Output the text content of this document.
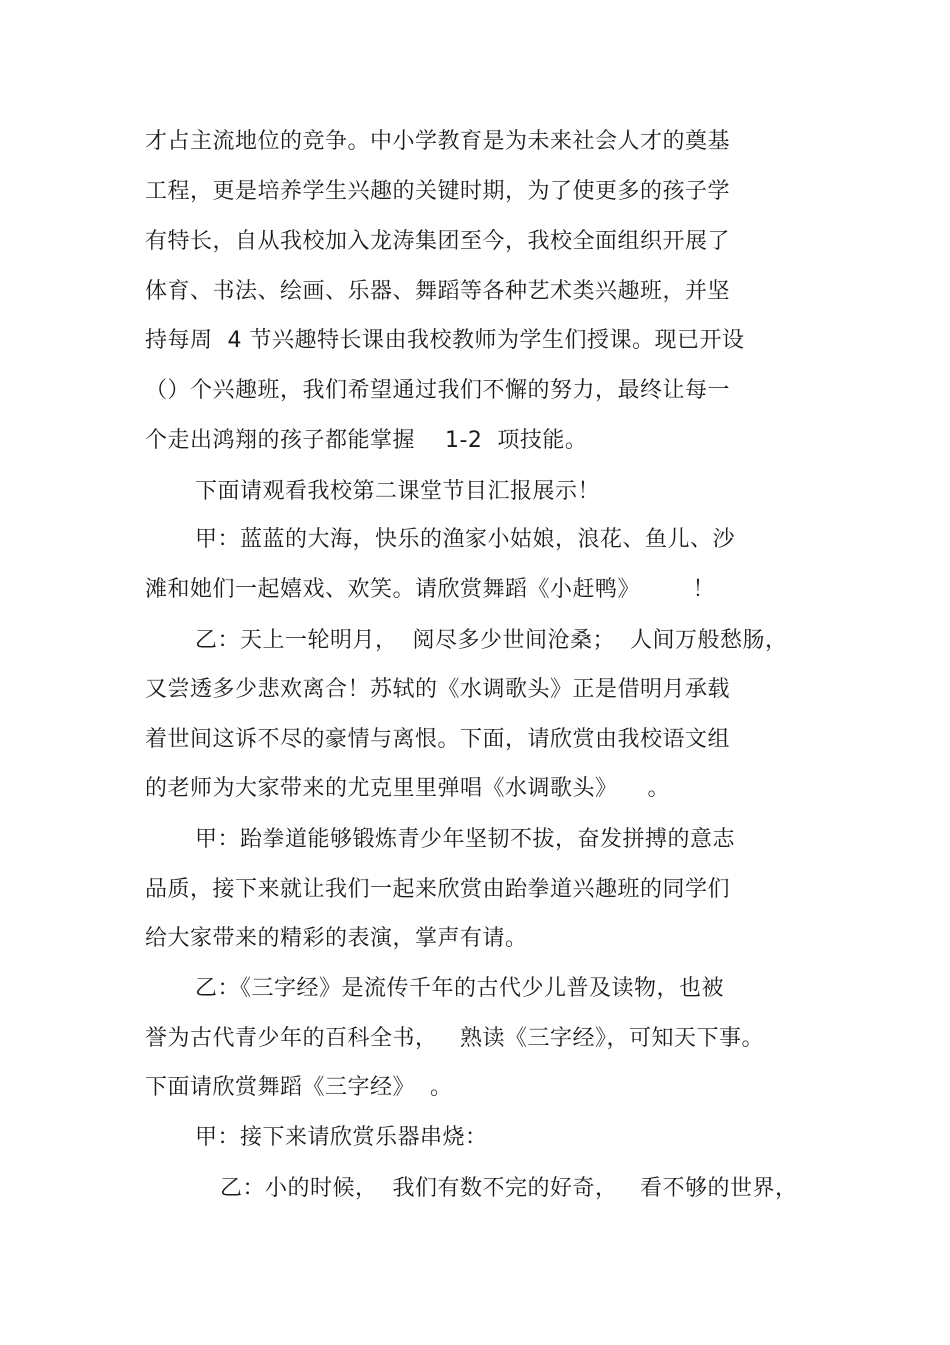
才占主流地位的竞争。中小学教育是为未来社会人才的奠基
工程，更是培养学生兴趣的关键时期，为了使更多的孩子学
有特长，自从我校加入龙涛集团至今，我校全面组织开展了
体育、书法、绘画、乐器、舞蹈等各种艺术类兴趣班，并坚
持每周  4 节兴趣特长课由我校教师为学生们授课。现已开设
（）个兴趣班，我们希望通过我们不懈的努力，最终让每一
个走出鸿翔的孩子都能掌握    1-2  项技能。
下面请观看我校第二课堂节目汇报展示！
甲：蓝蓝的大海，快乐的渔家小姑娘，浪花、鱼儿、沙
滩和她们一起嬉戏、欢笑。请欣赏舞蹈《小赶鸭》       ！
乙：天上一轮明月，  阅尽多少世间沧桑；  人间万般愁肠，
又尝透多少悲欢离合！苏轼的《水调歌头》正是借明月承载
着世间这诉不尽的豪情与离恨。下面，请欣赏由我校语文组
的老师为大家带来的尤克里里弹唱《水调歌头》    。
甲：跆拳道能够锻炼青少年坚韧不拔，奋发拼搏的意志
品质，接下来就让我们一起来欣赏由跆拳道兴趣班的同学们
给大家带来的精彩的表演，掌声有请。
乙：《三字经》是流传千年的古代少儿普及读物，也被
誉为古代青少年的百科全书，   熟读《三字经》，可知天下事。
下面请欣赏舞蹈《三字经》  。
甲：接下来请欣赏乐器串烧：
乙：小的时候，  我们有数不完的好奇，   看不够的世界，
